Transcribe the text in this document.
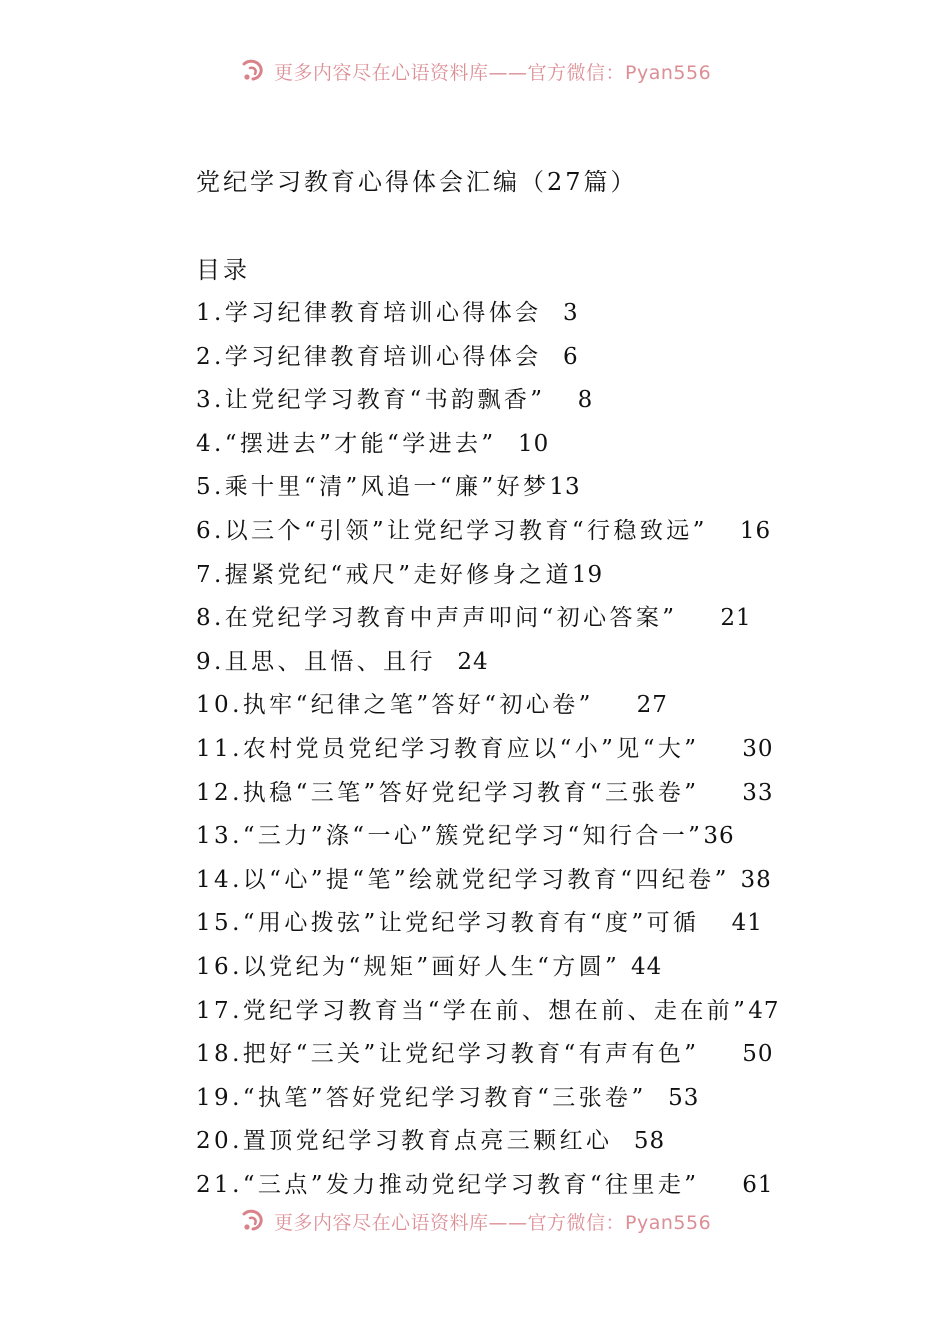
更多内容尽在心语资料库——官方微信：Pyan556
党纪学习教育心得体会汇编（27篇）
目录
1.学习纪律教育培训心得体会 3
2.学习纪律教育培训心得体会 6
3.让党纪学习教育“书韵飘香” 8
4.“摆进去”才能“学进去” 10
5.乘十里“清”风追一“廉”好梦13
6.以三个“引领”让党纪学习教育“行稳致远” 16
7.握紧党纪“戒尺”走好修身之道19
8.在党纪学习教育中声声叩问“初心答案” 21
9.且思、且悟、且行 24
10.执牢“纪律之笔”答好“初心卷” 27
11.农村党员党纪学习教育应以“小”见“大” 30
12.执稳“三笔”答好党纪学习教育“三张卷” 33
13.“三力”涤“一心”簇党纪学习“知行合一”36
14.以“心”提“笔”绘就党纪学习教育“四纪卷” 38
15.“用心拨弦”让党纪学习教育有“度”可循 41
16.以党纪为“规矩”画好人生“方圆” 44
17.党纪学习教育当“学在前、想在前、走在前”47
18.把好“三关”让党纪学习教育“有声有色” 50
19.“执笔”答好党纪学习教育“三张卷” 53
20.置顶党纪学习教育点亮三颗红心 58
21.“三点”发力推动党纪学习教育“往里走” 61
更多内容尽在心语资料库——官方微信：Pyan556
